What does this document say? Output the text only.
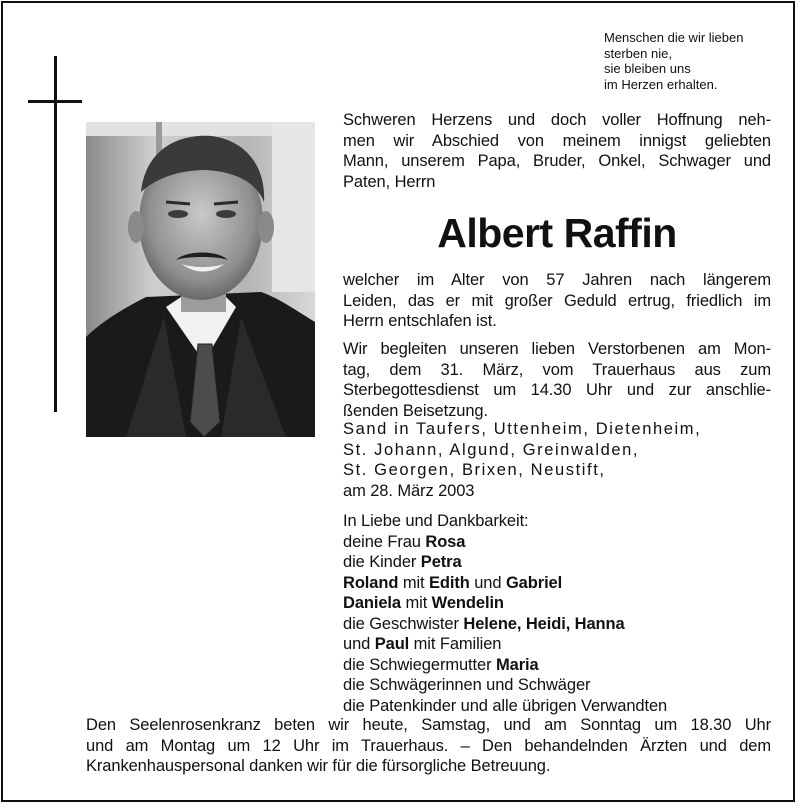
Menschen die wir lieben
sterben nie,
sie bleiben uns
im Herzen erhalten.
Schweren Herzens und doch voller Hoffnung neh-
men wir Abschied von meinem innigst geliebten
Mann, unserem Papa, Bruder, Onkel, Schwager und
Paten, Herrn
Albert Raffin
welcher im Alter von 57 Jahren nach längerem
Leiden, das er mit großer Geduld ertrug, friedlich im
Herrn entschlafen ist.
Wir begleiten unseren lieben Verstorbenen am Mon-
tag, dem 31. März, vom Trauerhaus aus zum
Sterbegottesdienst um 14.30 Uhr und zur anschlie-
ßenden Beisetzung.
Sand in Taufers, Uttenheim, Dietenheim,
St. Johann, Algund, Greinwalden,
St. Georgen, Brixen, Neustift,
am 28. März 2003
In Liebe und Dankbarkeit:
deine Frau Rosa
die Kinder Petra
Roland mit Edith und Gabriel
Daniela mit Wendelin
die Geschwister Helene, Heidi, Hanna
und Paul mit Familien
die Schwiegermutter Maria
die Schwägerinnen und Schwäger
die Patenkinder und alle übrigen Verwandten
Den Seelenrosenkranz beten wir heute, Samstag, und am Sonntag um 18.30 Uhr
und am Montag um 12 Uhr im Trauerhaus. – Den behandelnden Ärzten und dem
Krankenhauspersonal danken wir für die fürsorgliche Betreuung.
